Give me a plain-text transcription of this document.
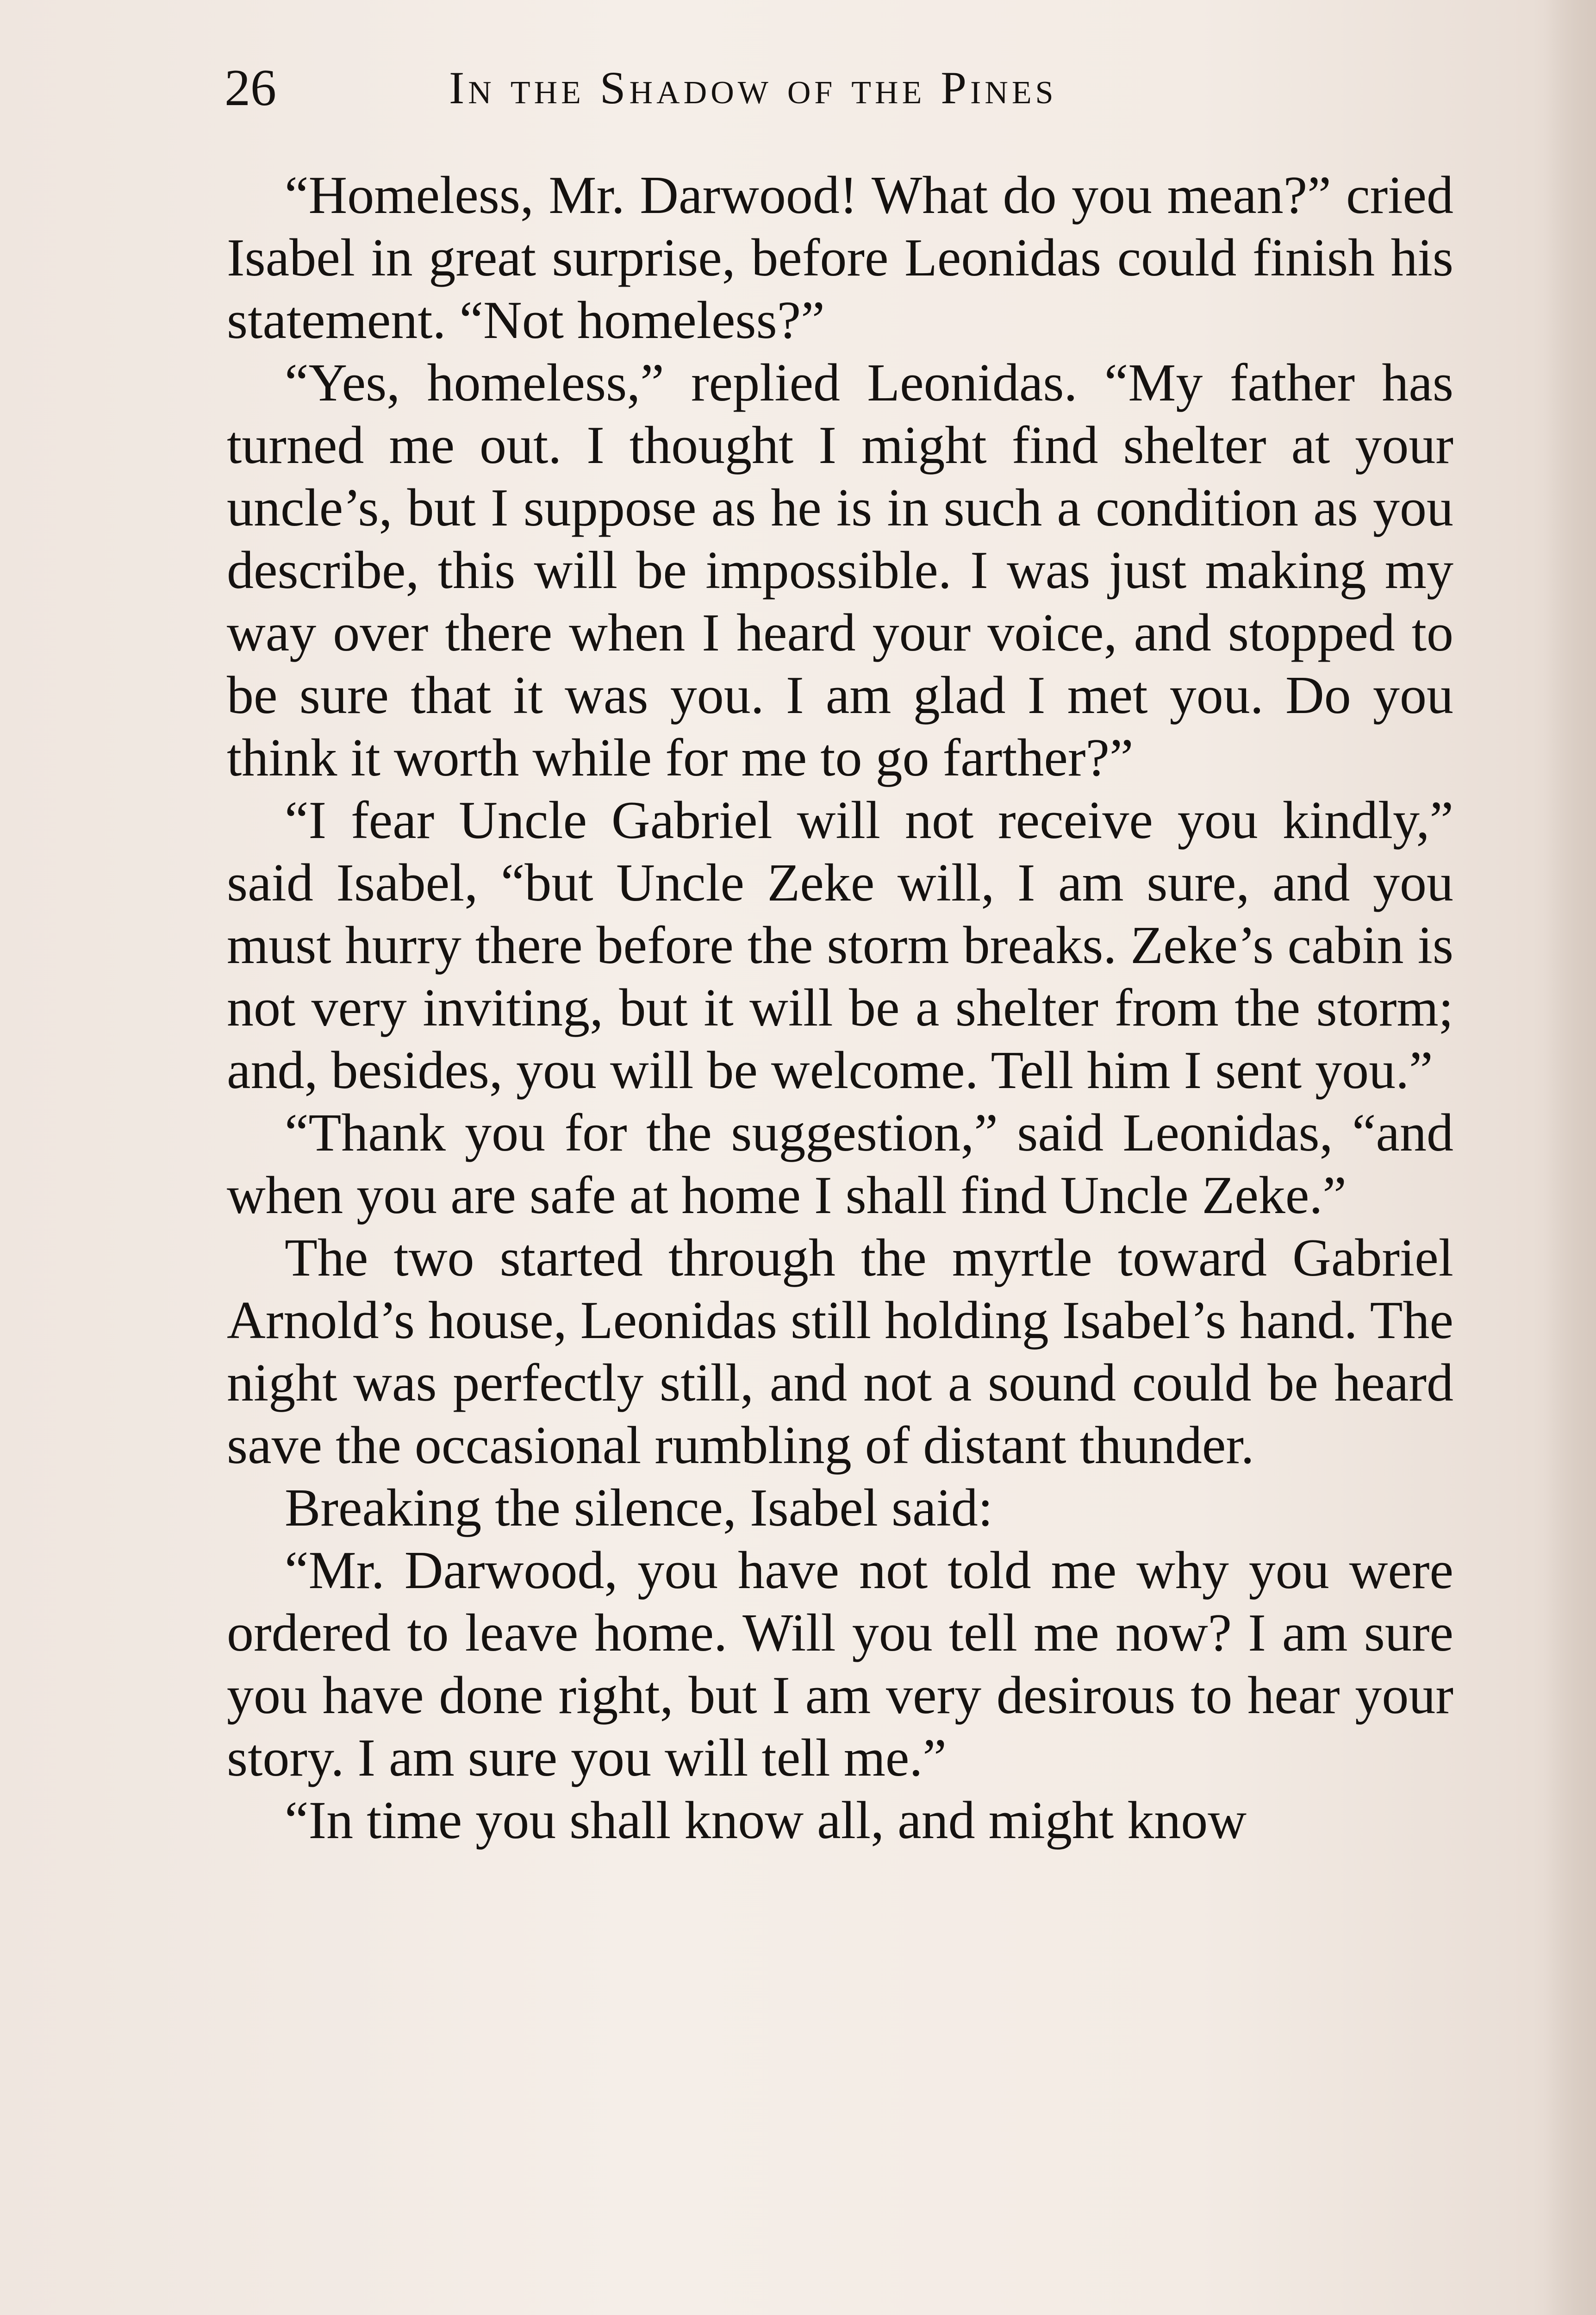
26	In the Shadow of the Pines

“Homeless, Mr. Darwood! What do you mean?” cried Isabel in great surprise, before Leonidas could finish his statement. “Not homeless?”

“Yes, homeless,” replied Leonidas. “My father has turned me out. I thought I might find shelter at your uncle’s, but I suppose as he is in such a condition as you describe, this will be impossible. I was just making my way over there when I heard your voice, and stopped to be sure that it was you. I am glad I met you. Do you think it worth while for me to go farther?”

“I fear Uncle Gabriel will not receive you kindly,” said Isabel, “but Uncle Zeke will, I am sure, and you must hurry there before the storm breaks. Zeke’s cabin is not very inviting, but it will be a shelter from the storm; and, besides, you will be welcome. Tell him I sent you.”

“Thank you for the suggestion,” said Leonidas, “and when you are safe at home I shall find Uncle Zeke.”

The two started through the myrtle toward Gabriel Arnold’s house, Leonidas still holding Isabel’s hand. The night was perfectly still, and not a sound could be heard save the occasional rumbling of distant thunder.

Breaking the silence, Isabel said:

“Mr. Darwood, you have not told me why you were ordered to leave home. Will you tell me now? I am sure you have done right, but I am very desirous to hear your story. I am sure you will tell me.”

“In time you shall know all, and might know
